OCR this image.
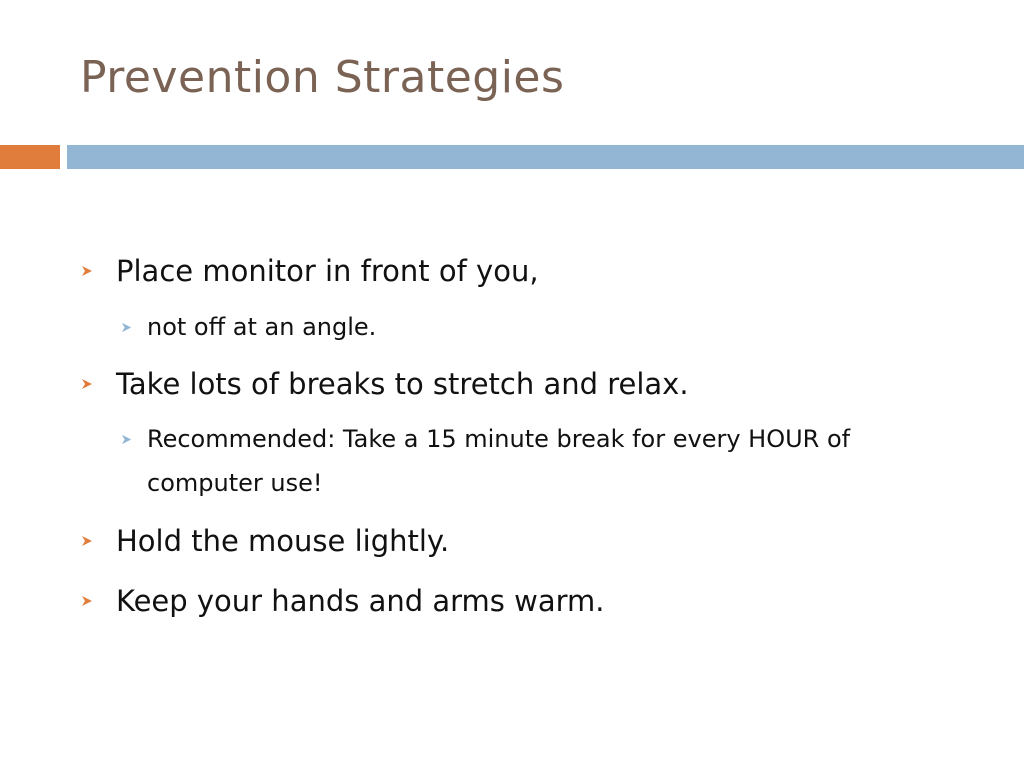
Prevention Strategies
Place monitor in front of you,
not off at an angle.
Take lots of breaks to stretch and relax.
Recommended: Take a 15 minute break for every HOUR of computer use!
Hold the mouse lightly.
Keep your hands and arms warm.
